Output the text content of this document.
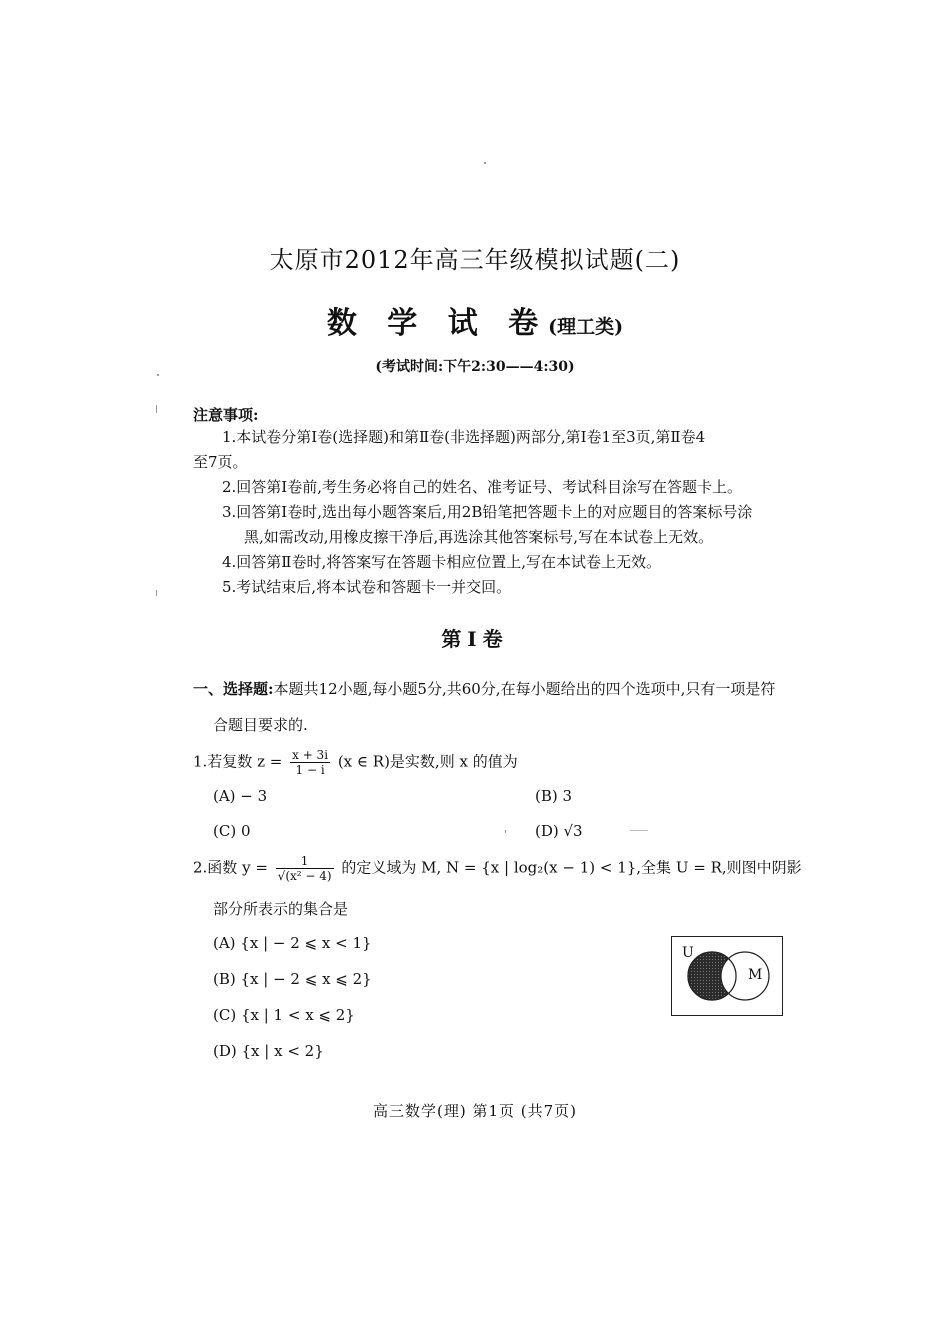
太原市2012年高三年级模拟试题(二)
数 学 试 卷(理工类)
(考试时间:下午2:30——4:30)
注意事项:
1.本试卷分第Ⅰ卷(选择题)和第Ⅱ卷(非选择题)两部分,第Ⅰ卷1至3页,第Ⅱ卷4
至7页。
2.回答第Ⅰ卷前,考生务必将自己的姓名、准考证号、考试科目涂写在答题卡上。
3.回答第Ⅰ卷时,选出每小题答案后,用2B铅笔把答题卡上的对应题目的答案标号涂
黑,如需改动,用橡皮擦干净后,再选涂其他答案标号,写在本试卷上无效。
4.回答第Ⅱ卷时,将答案写在答题卡相应位置上,写在本试卷上无效。
5.考试结束后,将本试卷和答题卡一并交回。
第Ⅰ卷
一、选择题:本题共12小题,每小题5分,共60分,在每小题给出的四个选项中,只有一项是符
合题目要求的.
1.若复数 $z = \frac{x + 3i}{1 - i} (x$ ∈ R)是实数,则 x 的值为
(A) − 3	(B) 3
(C) 0	(D) √3
2.函数 $y = \frac{1}{\text{√(x² − 4)}}$ 的定义域为 M, N = {x | log₂(x − 1) < 1},全集 U = R,则图中阴影
部分所表示的集合是
(A) {x | − 2 ⩽ x < 1}
(B) {x | − 2 ⩽ x ⩽ 2}
(C) {x | 1 < x ⩽ 2}
(D) {x | x < 2}
U
M
高三数学(理) 第1页 (共7页)
